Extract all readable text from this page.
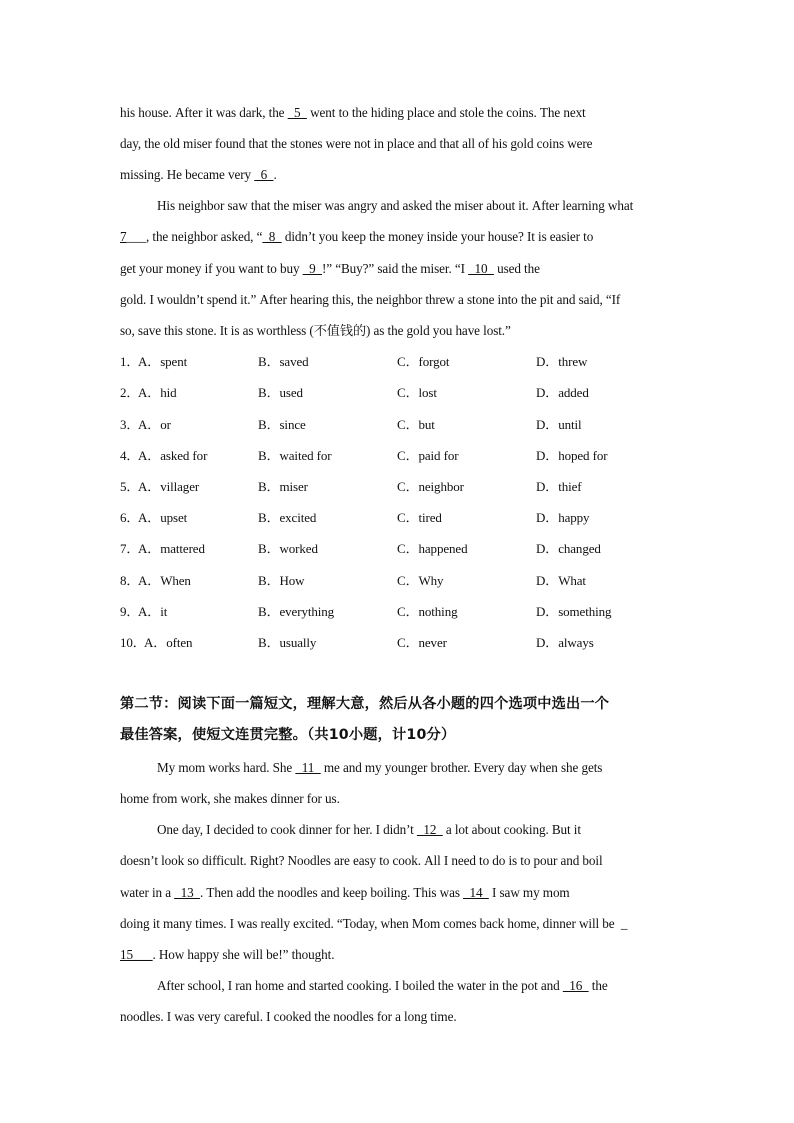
his house. After it was dark, the   5   went to the hiding place and stole the coins. The next
day, the old miser found that the stones were not in place and that all of his gold coins were
missing. He became very   6  .
His neighbor saw that the miser was angry and asked the miser about it. After learning what
7___, the neighbor asked, “  8   didn’t you keep the money inside your house? It is easier to
get your money if you want to buy   9  !” “Buy?” said the miser. “I   10   used the
gold. I wouldn’t spend it.” After hearing this, the neighbor threw a stone into the pit and said, “If
so, save this stone. It is as worthless (不值钱的) as the gold you have lost.”
1．
A．spent	B．saved	C．forgot	D．threw
2．
A．hid	B．used	C．lost	D．added
3．
A．or	B．since	C．but	D．until
4．
A．asked for	B．waited for	C．paid for	D．hoped for
5．
A．villager	B．miser	C．neighbor	D．thief
6．
A．upset	B．excited	C．tired	D．happy
7．
A．mattered	B．worked	C．happened	D．changed
8．
A．When	B．How	C．Why	D．What
9．
A．it	B．everything	C．nothing	D．something
10．
A．often	B．usually	C．never	D．always
第二节：阅读下面一篇短文，理解大意，然后从各小题的四个选项中选出一个
最佳答案，使短文连贯完整。（共10小题，计10分）
My mom works hard. She   11   me and my younger brother. Every day when she gets
home from work, she makes dinner for us.
One day, I decided to cook dinner for her. I didn’t   12   a lot about cooking. But it
doesn’t look so difficult. Right? Noodles are easy to cook. All I need to do is to pour and boil
water in a   13  . Then add the noodles and keep boiling. This was   14   I saw my mom
doing it many times. I was really excited. “Today, when Mom comes back home, dinner will be  _
15___. How happy she will be!” thought.
After school, I ran home and started cooking. I boiled the water in the pot and   16   the
noodles. I was very careful. I cooked the noodles for a long time.
